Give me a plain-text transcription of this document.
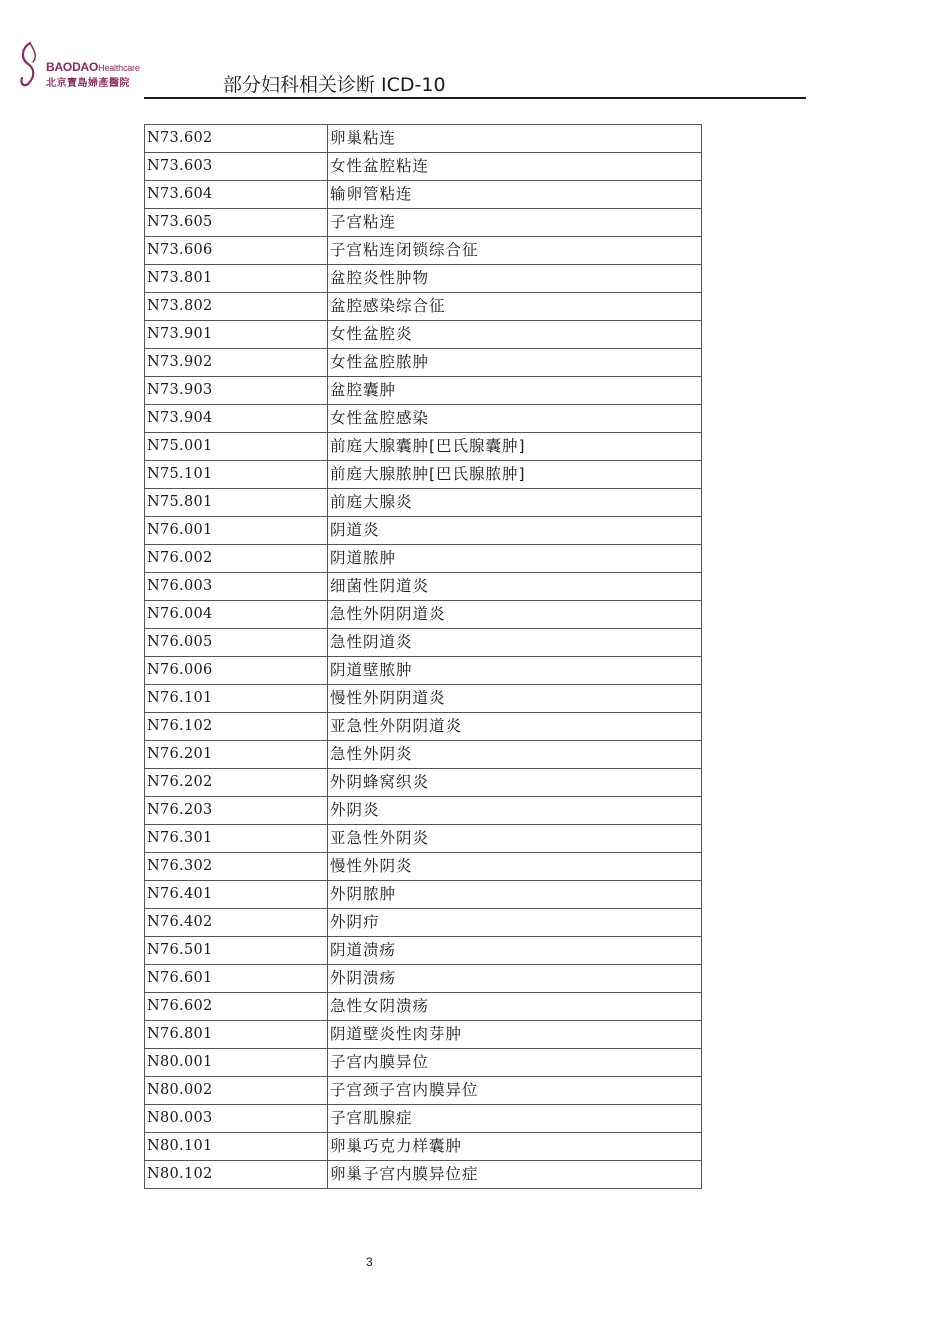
BAODAOHealthcare
北京寶島婦產醫院	部分妇科相关诊断 ICD-10
N73.602	卵巢粘连
N73.603	女性盆腔粘连
N73.604	输卵管粘连
N73.605	子宫粘连
N73.606	子宫粘连闭锁综合征
N73.801	盆腔炎性肿物
N73.802	盆腔感染综合征
N73.901	女性盆腔炎
N73.902	女性盆腔脓肿
N73.903	盆腔囊肿
N73.904	女性盆腔感染
N75.001	前庭大腺囊肿[巴氏腺囊肿]
N75.101	前庭大腺脓肿[巴氏腺脓肿]
N75.801	前庭大腺炎
N76.001	阴道炎
N76.002	阴道脓肿
N76.003	细菌性阴道炎
N76.004	急性外阴阴道炎
N76.005	急性阴道炎
N76.006	阴道壁脓肿
N76.101	慢性外阴阴道炎
N76.102	亚急性外阴阴道炎
N76.201	急性外阴炎
N76.202	外阴蜂窝织炎
N76.203	外阴炎
N76.301	亚急性外阴炎
N76.302	慢性外阴炎
N76.401	外阴脓肿
N76.402	外阴疖
N76.501	阴道溃疡
N76.601	外阴溃疡
N76.602	急性女阴溃疡
N76.801	阴道壁炎性肉芽肿
N80.001	子宫内膜异位
N80.002	子宫颈子宫内膜异位
N80.003	子宫肌腺症
N80.101	卵巢巧克力样囊肿
N80.102	卵巢子宫内膜异位症
3
